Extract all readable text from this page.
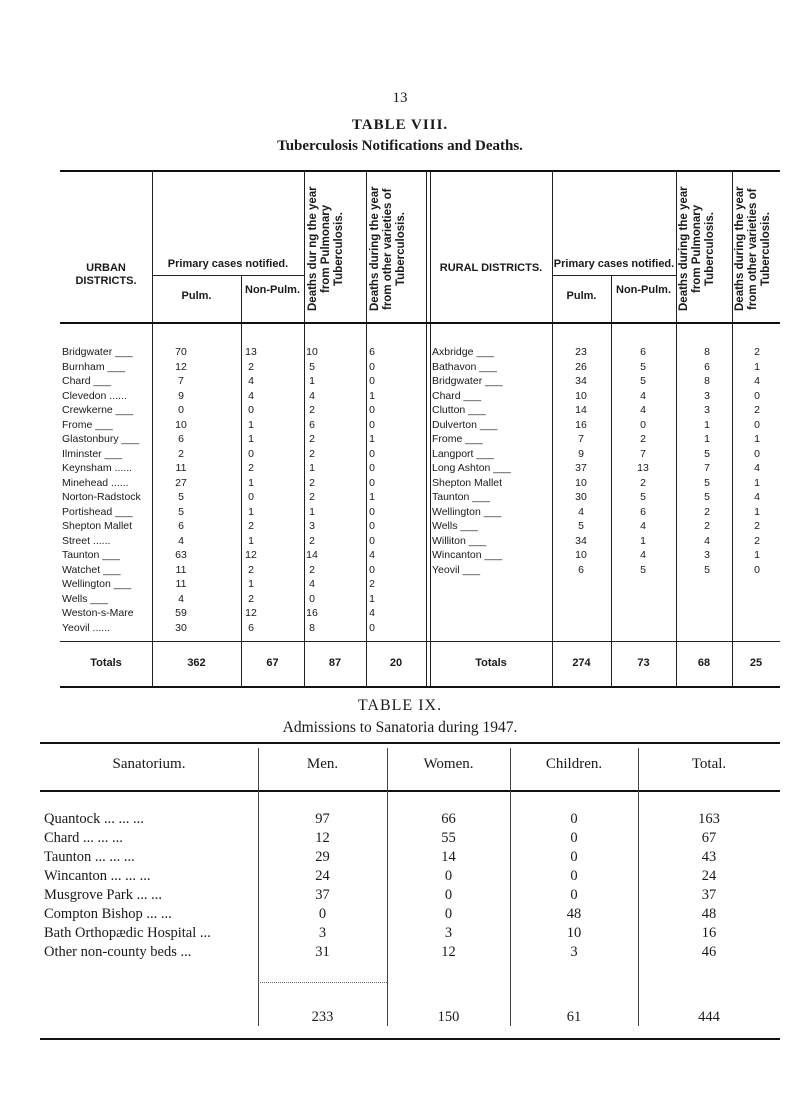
13
TABLE VIII.
Tuberculosis Notifications and Deaths.
URBAN DISTRICTS.
Primary cases notified.
Pulm.	Non-Pulm. Deaths dur ng the year from Pulmonary Tuberculosis.	Deaths during the year from other varieties of Tuberculosis.	RURAL DISTRICTS.	Primary cases notified.
Pulm.	Non-Pulm. Deaths during the year from Pulmonary Tuberculosis.	Deaths during the year from other varieties of Tuberculosis.
Bridgwater ___	70	13	10	6	Axbridge ___	23	6	8	2
Burnham ___	12	2	5	0	Bathavon ___	26	5	6	1
Chard ___	7	4	1	0	Bridgwater ___	34	5	8	4
Clevedon ......	9	4	4	1	Chard ___	10	4	3	0
Crewkerne ___	0	0	2	0	Clutton ___	14	4	3	2
Frome ___	10	1	6	0	Dulverton ___	16	0	1	0
Glastonbury ___	6	1	2	1	Frome ___	7	2	1	1
Ilminster ___	2	0	2	0	Langport ___	9	7	5	0
Keynsham ......	11	2	1	0	Long Ashton ___	37	13	7	4
Minehead ......	27	1	2	0	Shepton Mallet	10	2	5	1
Norton-Radstock	5	0	2	1	Taunton ___	30	5	5	4
Portishead ___	5	1	1	0	Wellington ___	4	6	2	1
Shepton Mallet	6	2	3	0	Wells ___	5	4	2	2
Street ......	4	1	2	0	Williton ___	34	1	4	2
Taunton ___	63	12	14	4	Wincanton ___	10	4	3	1
Watchet ___	11	2	2	0	Yeovil ___	6	5	5	0
Wellington ___	11	1	4	2
Wells ___	4	2	0	1
Weston-s-Mare	59	12	16	4
Yeovil ......	30	6	8	0
Totals	362	67	87	20	Totals	274	73	68	25
TABLE IX.
Admissions to Sanatoria during 1947.
Sanatorium.	Men.	Women.	Children.	Total.
Quantock ... ... ...	97	66	0	163
Chard ... ... ...	12	55	0	67
Taunton ... ... ...	29	14	0	43
Wincanton ... ... ...	24	0	0	24
Musgrove Park ... ...	37	0	0	37
Compton Bishop ... ...	0	0	48	48
Bath Orthopædic Hospital ...	3	3	10	16
Other non-county beds ...	31	12	3	46
233	150	61	444
